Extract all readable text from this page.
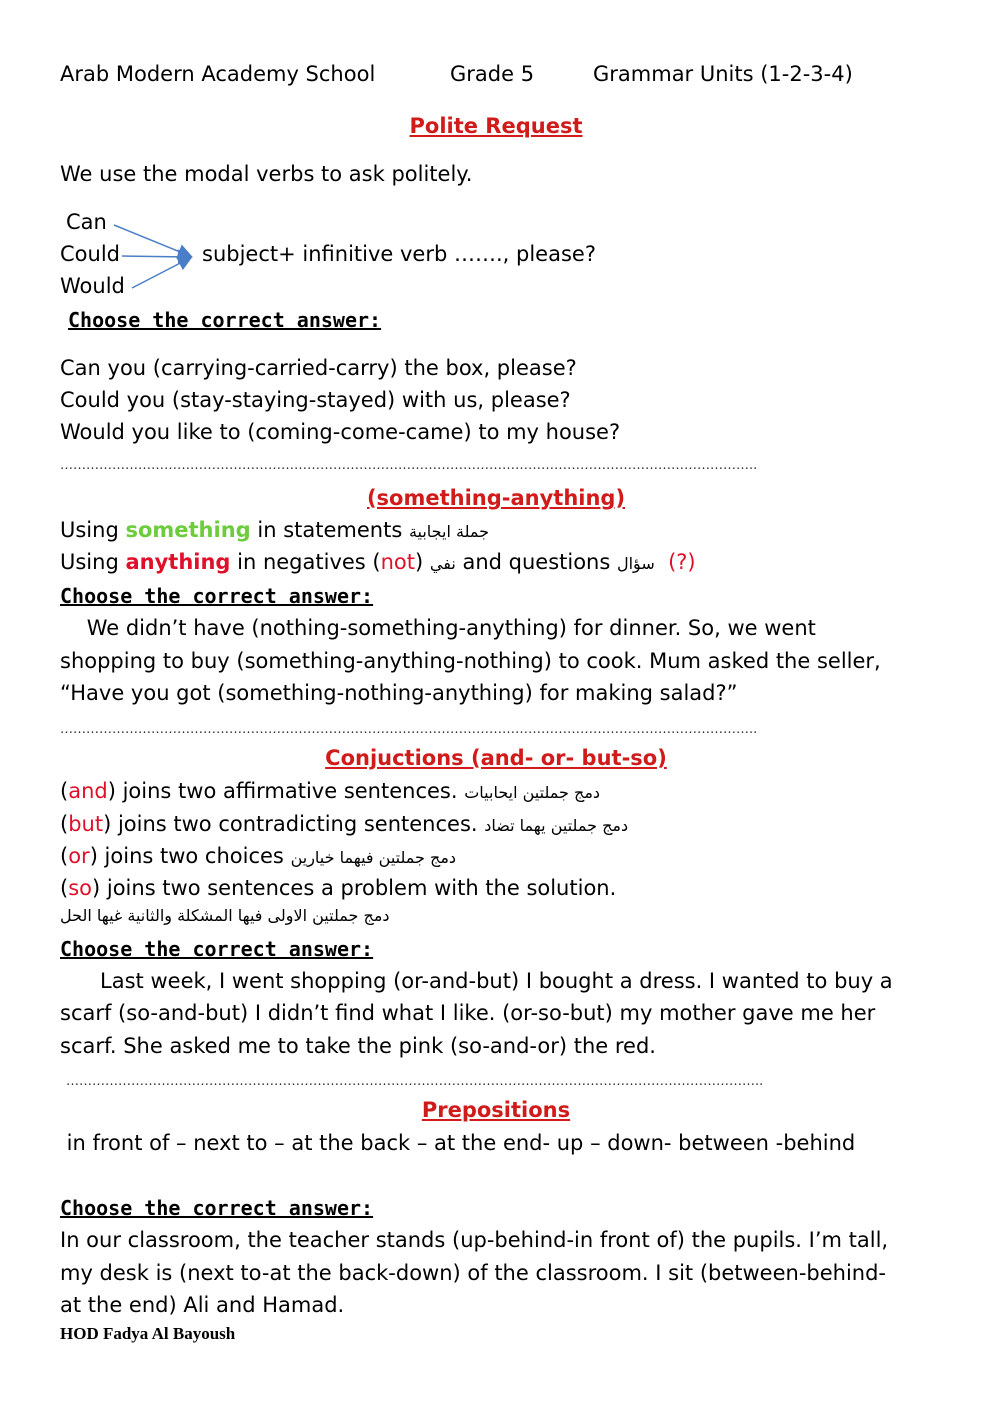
Arab Modern Academy School	Grade 5	Grammar Units (1-2-3-4)
Polite Request
We use the modal verbs to ask politely.
Can
Could
Would
subject+ infinitive verb ……., please?
Choose the correct answer:
Can you (carrying-carried-carry) the box, please?
Could you (stay-staying-stayed) with us, please?
Would you like to (coming-come-came) to my house?
……………………………………………………………………………………………………………………………………………..
(something-anything)
Using something in statements جملة ايجابية
Using anything in negatives (not) نفي and questions سؤال (?)
Choose the correct answer:
We didn’t have (nothing-something-anything) for dinner. So, we went
shopping to buy (something-anything-nothing) to cook. Mum asked the seller,
“Have you got (something-nothing-anything) for making salad?”
……………………………………………………………………………………………………………………………………………..
Conjuctions (and- or- but-so)
(and) joins two affirmative sentences. دمج جملتين ايحابيات
(but) joins two contradicting sentences. دمج جملتين يهما تضاد
(or) joins two choices دمج جملتين فيهما خيارين
(so) joins two sentences a problem with the solution.
دمج جملتين الاولى فيها المشكلة والثانية غيها الحل
Choose the correct answer:
Last week, I went shopping (or-and-but) I bought a dress. I wanted to buy a
scarf (so-and-but) I didn’t find what I like. (or-so-but) my mother gave me her
scarf. She asked me to take the pink (so-and-or) the red.
……………………………………………………………………………………………………………………………………………..
Prepositions
in front of – next to – at the back – at the end- up – down- between -behind
Choose the correct answer:
In our classroom, the teacher stands (up-behind-in front of) the pupils. I’m tall,
my desk is (next to-at the back-down) of the classroom. I sit (between-behind-
at the end) Ali and Hamad.
HOD Fadya Al Bayoush
